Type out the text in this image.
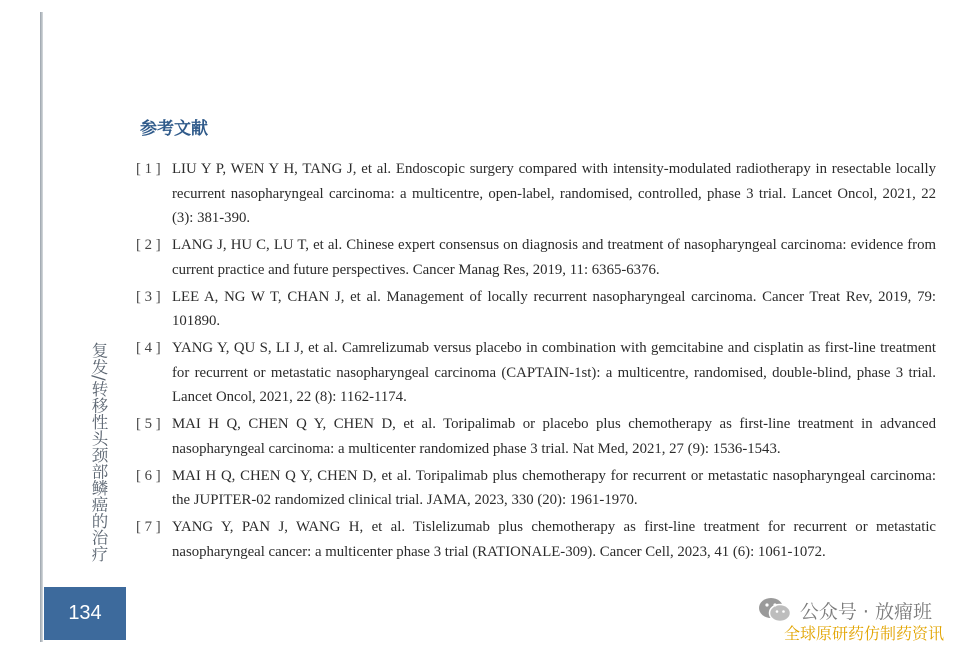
复发/转移性头颈部鳞癌的治疗
134
参考文献
[ 1 ] LIU Y P, WEN Y H, TANG J, et al. Endoscopic surgery compared with intensity-modulated radiotherapy in resectable locally recurrent nasopharyngeal carcinoma: a multicentre, open-label, randomised, controlled, phase 3 trial. Lancet Oncol, 2021, 22 (3): 381-390.
[ 2 ] LANG J, HU C, LU T, et al. Chinese expert consensus on diagnosis and treatment of nasopharyngeal carcinoma: evidence from current practice and future perspectives. Cancer Manag Res, 2019, 11: 6365-6376.
[ 3 ] LEE A, NG W T, CHAN J, et al. Management of locally recurrent nasopharyngeal carcinoma. Cancer Treat Rev, 2019, 79: 101890.
[ 4 ] YANG Y, QU S, LI J, et al. Camrelizumab versus placebo in combination with gemcitabine and cisplatin as first-line treatment for recurrent or metastatic nasopharyngeal carcinoma (CAPTAIN-1st): a multicentre, randomised, double-blind, phase 3 trial. Lancet Oncol, 2021, 22 (8): 1162-1174.
[ 5 ] MAI H Q, CHEN Q Y, CHEN D, et al. Toripalimab or placebo plus chemotherapy as first-line treatment in advanced nasopharyngeal carcinoma: a multicenter randomized phase 3 trial. Nat Med, 2021, 27 (9): 1536-1543.
[ 6 ] MAI H Q, CHEN Q Y, CHEN D, et al. Toripalimab plus chemotherapy for recurrent or metastatic nasopharyngeal carcinoma: the JUPITER-02 randomized clinical trial. JAMA, 2023, 330 (20): 1961-1970.
[ 7 ] YANG Y, PAN J, WANG H, et al. Tislelizumab plus chemotherapy as first-line treatment for recurrent or metastatic nasopharyngeal cancer: a multicenter phase 3 trial (RATIONALE-309). Cancer Cell, 2023, 41 (6): 1061-1072.
公众号 · 放瘤班
全球原研药仿制药资讯
